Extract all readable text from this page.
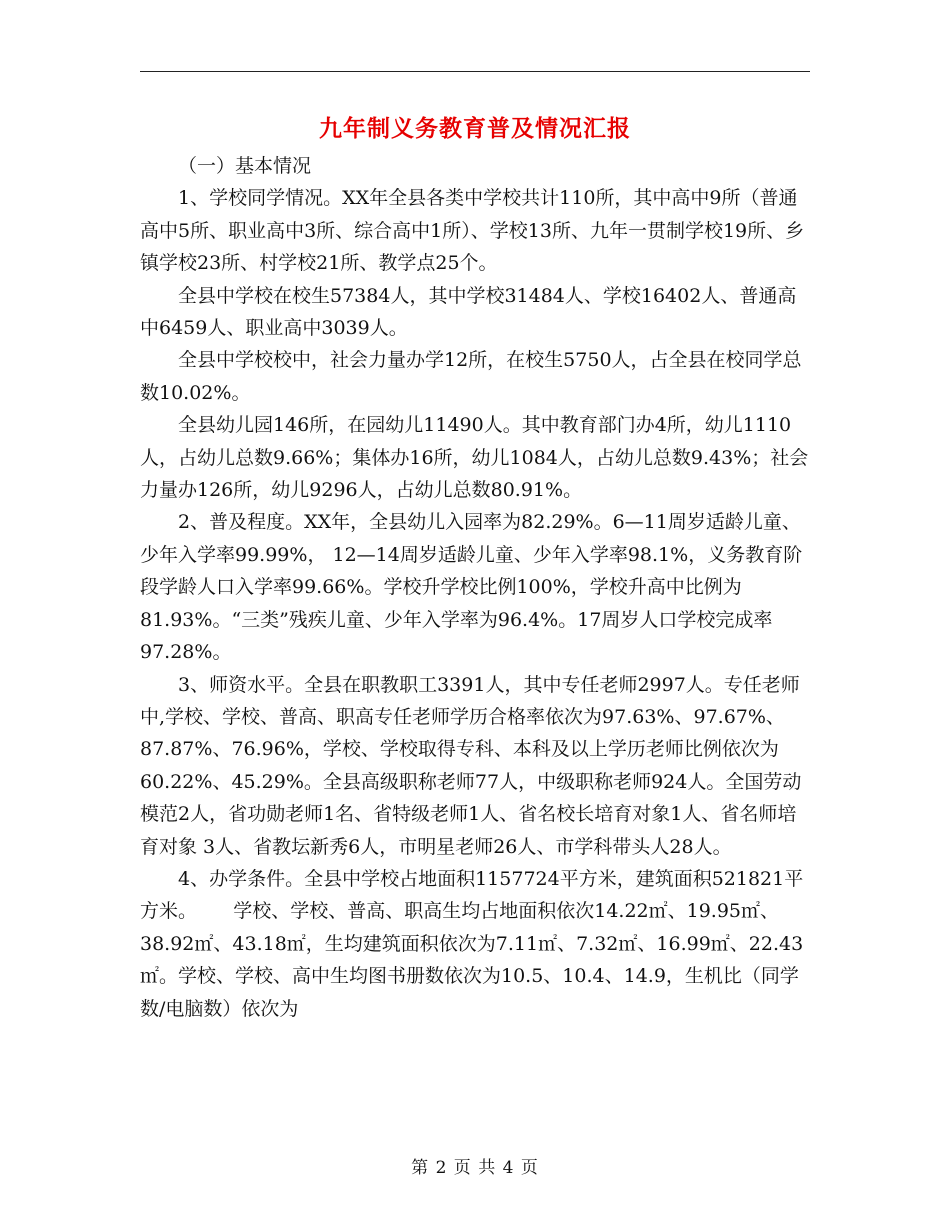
九年制义务教育普及情况汇报

（一）基本情况

1、学校同学情况。XX年全县各类中学校共计110所，其中高中9所（普通高中5所、职业高中3所、综合高中1所）、学校13所、九年一贯制学校19所、乡镇学校23所、村学校21所、教学点25个。

全县中学校在校生57384人，其中学校31484人、学校16402人、普通高中6459人、职业高中3039人。

全县中学校校中，社会力量办学12所，在校生5750人，占全县在校同学总数10.02%。

全县幼儿园146所，在园幼儿11490人。其中教育部门办4所，幼儿1110人，占幼儿总数9.66%；集体办16所，幼儿1084人，占幼儿总数9.43%；社会力量办126所，幼儿9296人，占幼儿总数80.91%。

2、普及程度。XX年，全县幼儿入园率为82.29%。6—11周岁适龄儿童、少年入学率99.99%， 12—14周岁适龄儿童、少年入学率98.1%，义务教育阶段学龄人口入学率99.66%。学校升学校比例100%，学校升高中比例为81.93%。“三类”残疾儿童、少年入学率为96.4%。17周岁人口学校完成率97.28%。

3、师资水平。全县在职教职工3391人，其中专任老师2997人。专任老师中,学校、学校、普高、职高专任老师学历合格率依次为97.63%、97.67%、87.87%、76.96%，学校、学校取得专科、本科及以上学历老师比例依次为60.22%、45.29%。全县高级职称老师77人，中级职称老师924人。全国劳动模范2人，省功勋老师1名、省特级老师1人、省名校长培育对象1人、省名师培育对象 3人、省教坛新秀6人，市明星老师26人、市学科带头人28人。

4、办学条件。全县中学校占地面积1157724平方米，建筑面积521821平方米。      学校、学校、普高、职高生均占地面积依次14.22㎡、19.95㎡、38.92㎡、43.18㎡，生均建筑面积依次为7.11㎡、7.32㎡、16.99㎡、22.43㎡。学校、学校、高中生均图书册数依次为10.5、10.4、14.9，生机比（同学数/电脑数）依次为

第 2 页 共 4 页
